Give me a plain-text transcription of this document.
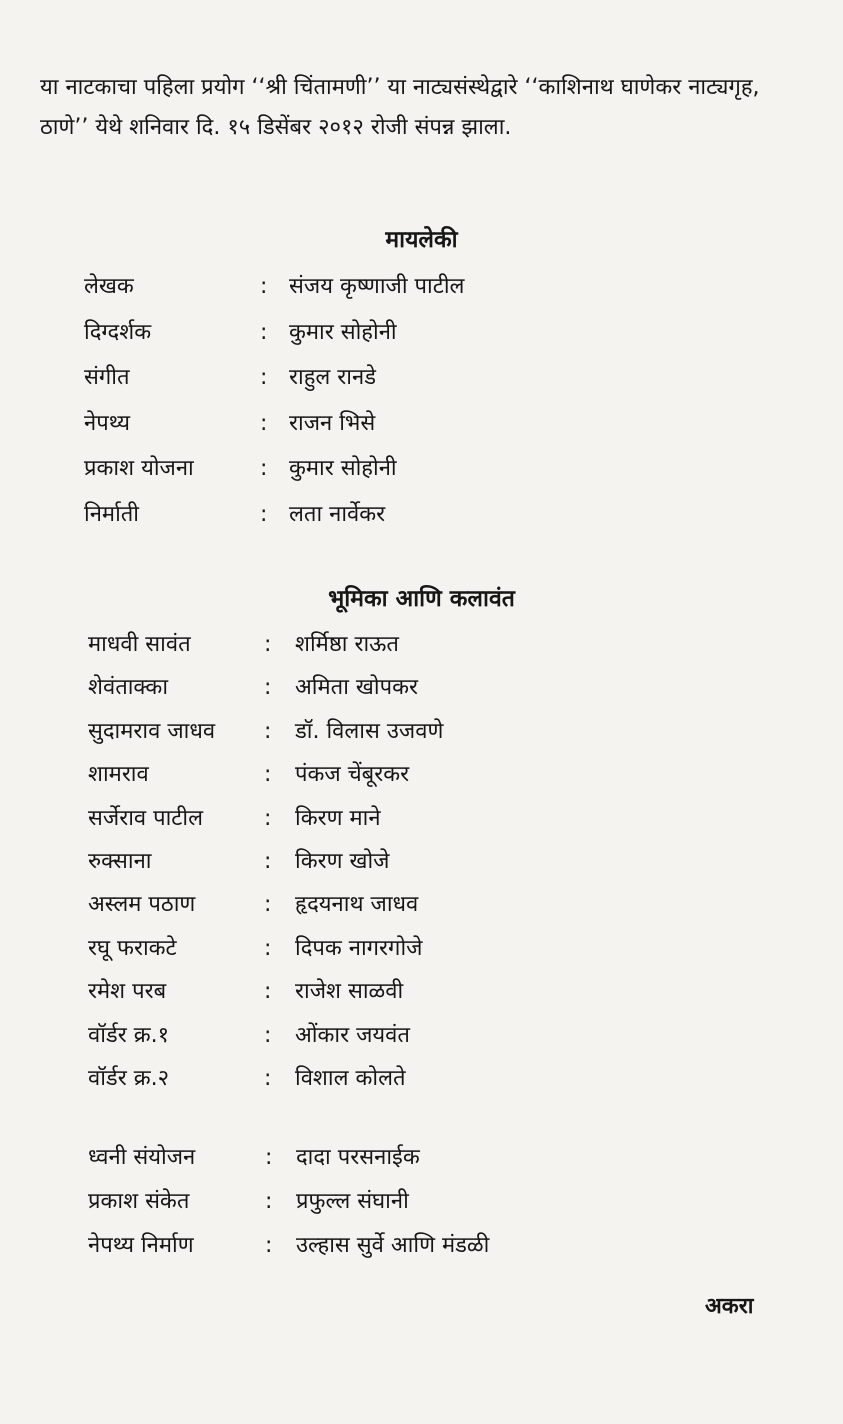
या नाटकाचा पहिला प्रयोग ‘‘श्री चिंतामणी’’ या नाट्यसंस्थेद्वारे ‘‘काशिनाथ घाणेकर नाट्यगृह, ठाणे’’ येथे शनिवार दि. १५ डिसेंबर २०१२ रोजी संपन्न झाला.
मायलेकी
लेखक	: संजय कृष्णाजी पाटील
दिग्दर्शक	: कुमार सोहोनी
संगीत	: राहुल रानडे
नेपथ्य	: राजन भिसे
प्रकाश योजना	: कुमार सोहोनी
निर्माती	: लता नार्वेकर
भूमिका आणि कलावंत
माधवी सावंत	: शर्मिष्ठा राऊत
शेवंताक्का	: अमिता खोपकर
सुदामराव जाधव : डॉ. विलास उजवणे
शामराव	: पंकज चेंबूरकर
सर्जेराव पाटील	: किरण माने
रुक्साना	: किरण खोजे
अस्लम पठाण	: हृदयनाथ जाधव
रघू फराकटे	: दिपक नागरगोजे
रमेश परब	: राजेश साळवी
वॉर्डर क्र.१	: ओंकार जयवंत
वॉर्डर क्र.२	: विशाल कोलते
ध्वनी संयोजन	: दादा परसनाईक
प्रकाश संकेत	: प्रफुल्ल संघानी
नेपथ्य निर्माण	: उल्हास सुर्वे आणि मंडळी
अकरा
